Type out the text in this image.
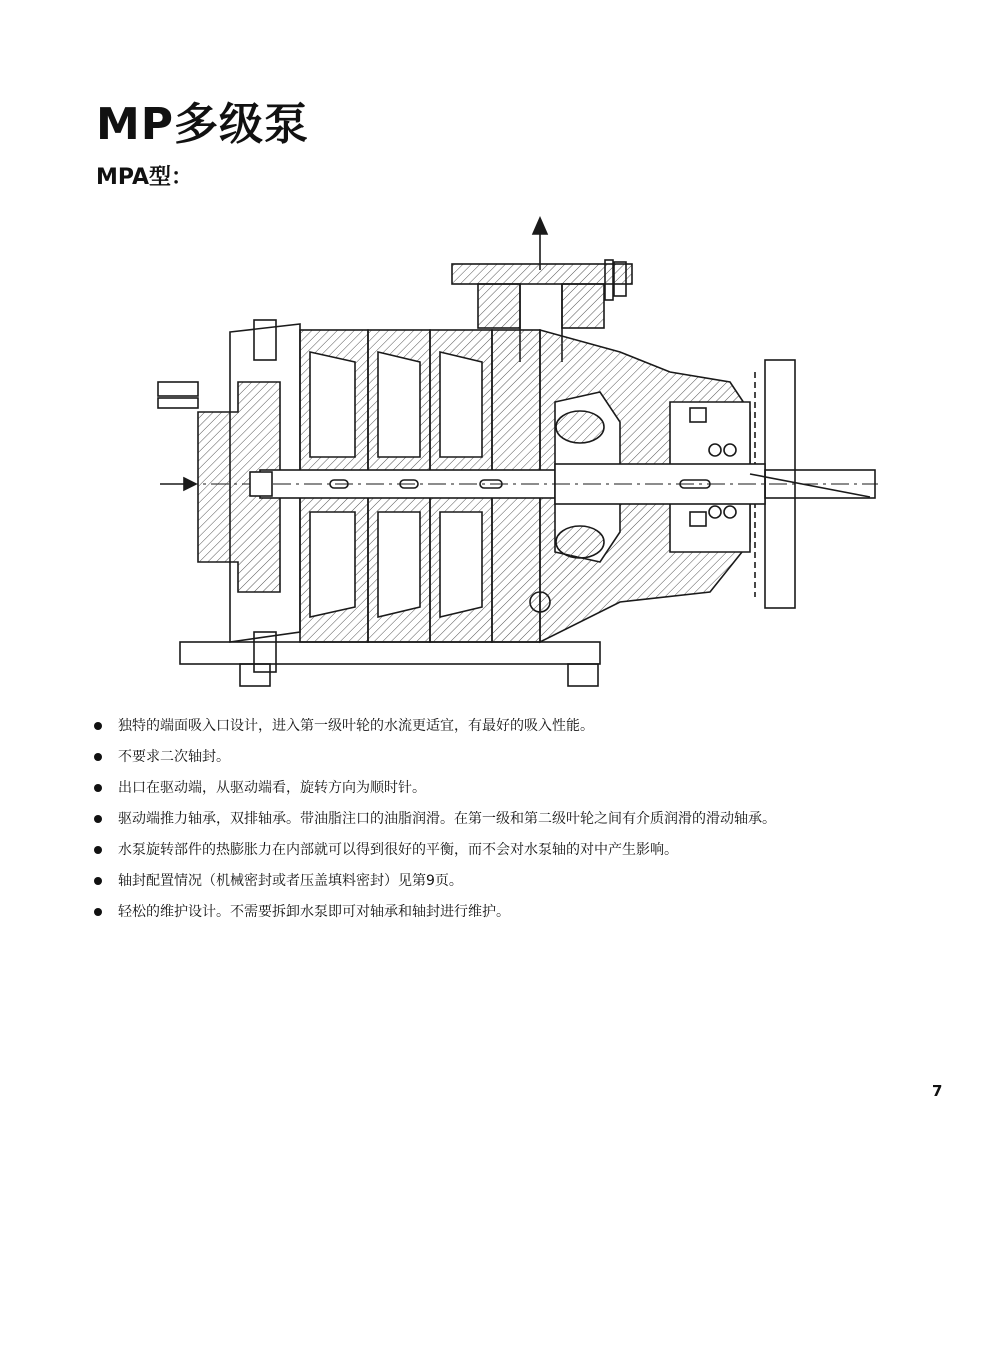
MP多级泵
MPA型：
独特的端面吸入口设计，进入第一级叶轮的水流更适宜，有最好的吸入性能。
不要求二次轴封。
出口在驱动端，从驱动端看，旋转方向为顺时针。
驱动端推力轴承，双排轴承。带油脂注口的油脂润滑。在第一级和第二级叶轮之间有介质润滑的滑动轴承。
水泵旋转部件的热膨胀力在内部就可以得到很好的平衡，而不会对水泵轴的对中产生影响。
轴封配置情况（机械密封或者压盖填料密封）见第9页。
轻松的维护设计。不需要拆卸水泵即可对轴承和轴封进行维护。
7
